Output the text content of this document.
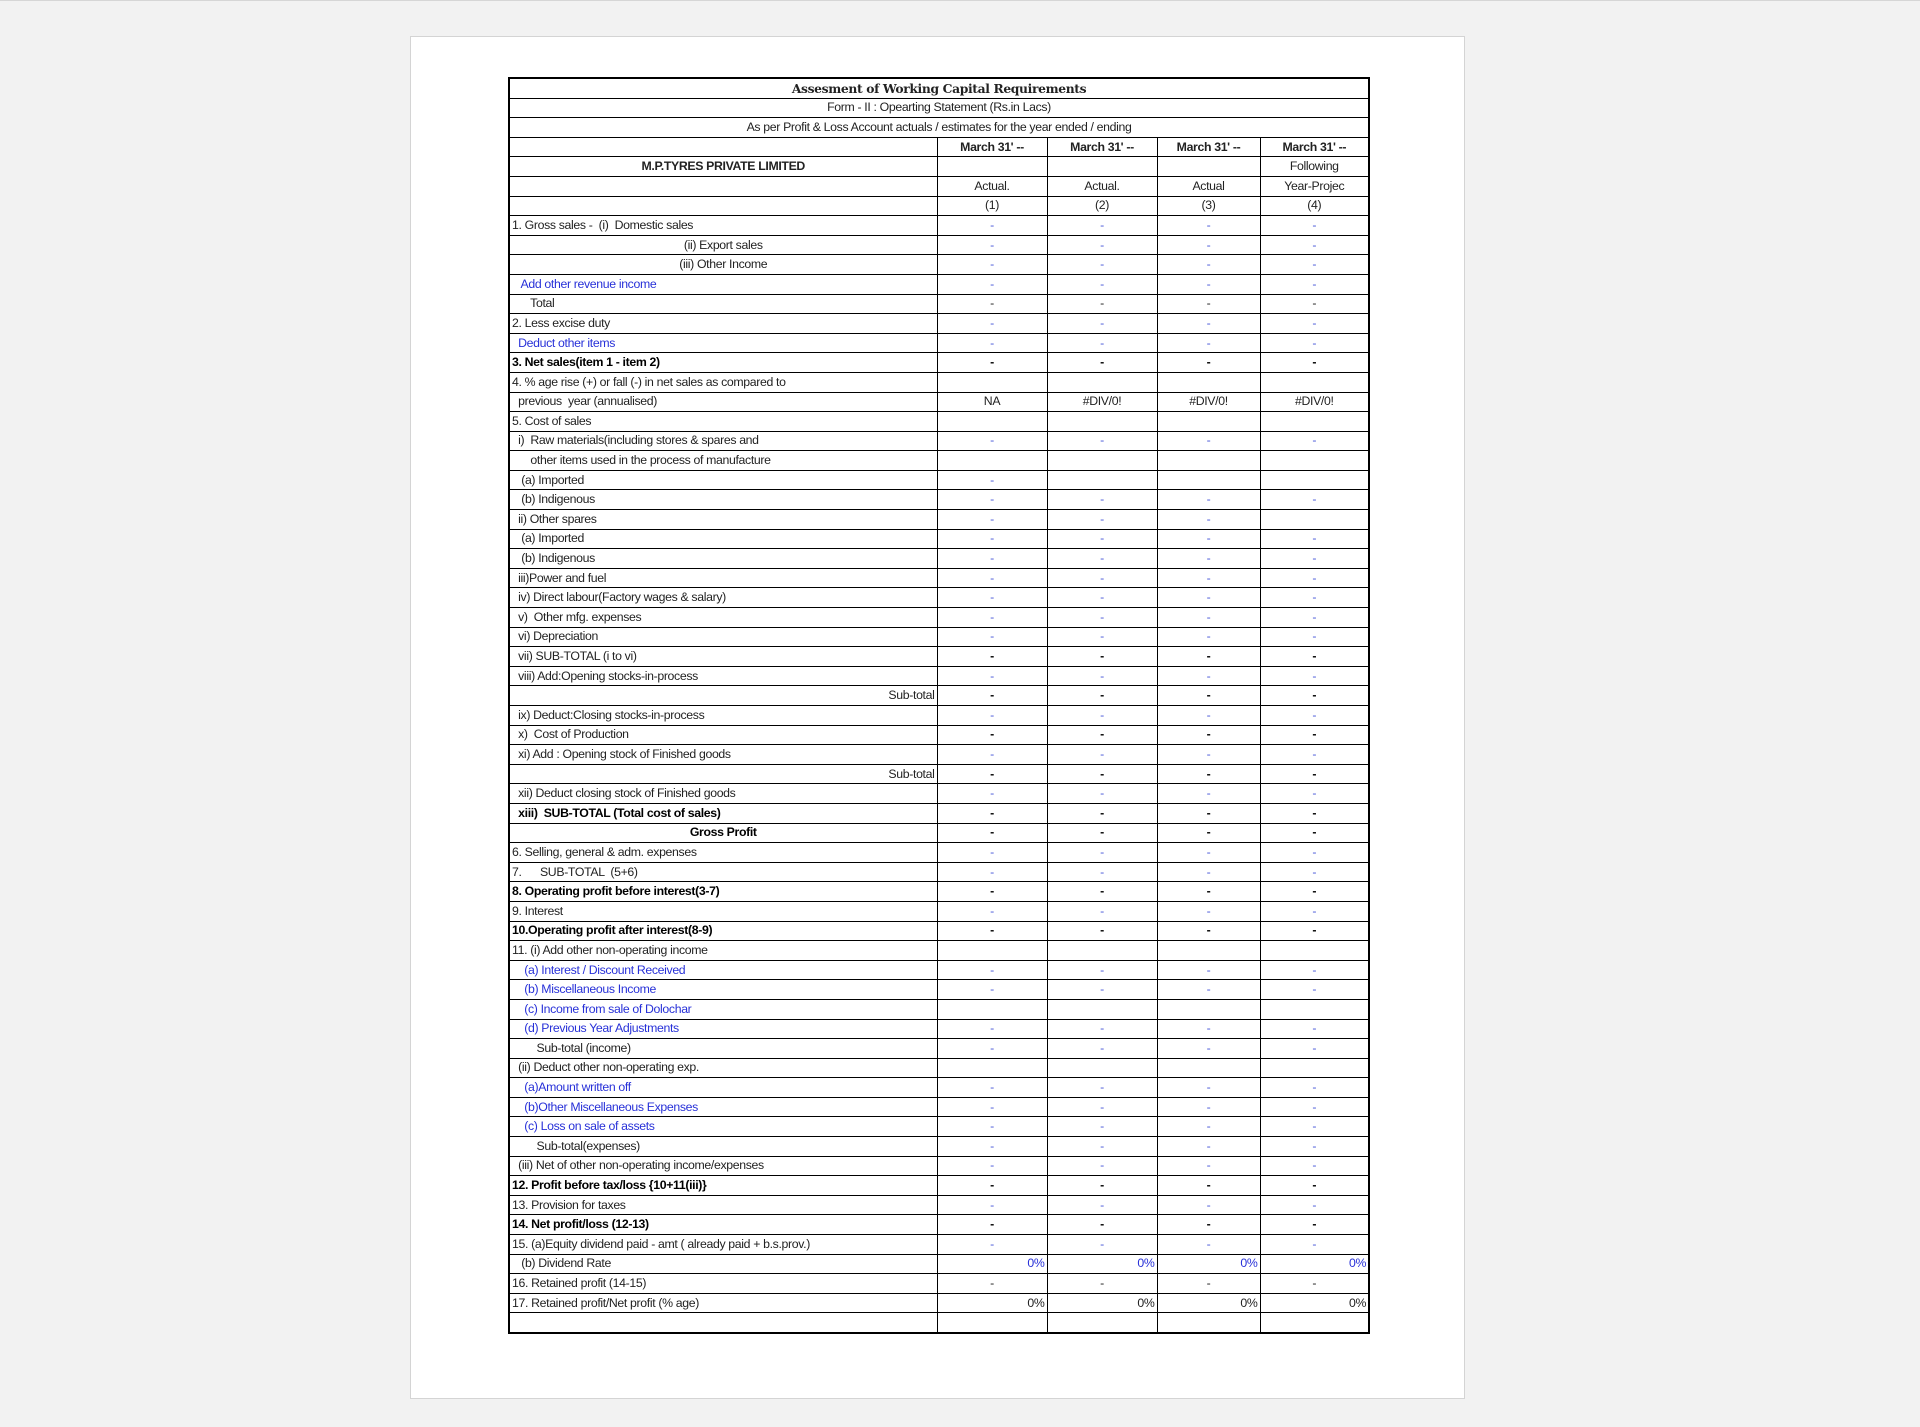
Assesment of Working Capital Requirements				
Form - II : Opearting Statement (Rs.in Lacs)				
As per Profit & Loss Account actuals / estimates for the year ended / ending				
	March 31' --	March 31' --	March 31' --	March 31' --
M.P.TYRES PRIVATE LIMITED				Following
	Actual.	Actual.	Actual	Year-Projec
	(1)	(2)	(3)	(4)
1. Gross sales -  (i)  Domestic sales	-	-	-	-
(ii) Export sales	-	-	-	-
(iii) Other Income	-	-	-	-
Add other revenue income	-	-	-	-
Total	-	-	-	-
2. Less excise duty	-	-	-	-
Deduct other items	-	-	-	-
3. Net sales(item 1 - item 2)	-	-	-	-
4. % age rise (+) or fall (-) in net sales as compared to				
previous  year (annualised)	NA	#DIV/0!	#DIV/0!	#DIV/0!
5. Cost of sales				
i)  Raw materials(including stores & spares and	-	-	-	-
other items used in the process of manufacture				
(a) Imported	-			
(b) Indigenous	-	-	-	-
ii) Other spares	-	-	-	
(a) Imported	-	-	-	-
(b) Indigenous	-	-	-	-
iii)Power and fuel	-	-	-	-
iv) Direct labour(Factory wages & salary)	-	-	-	-
v)  Other mfg. expenses	-	-	-	-
vi) Depreciation	-	-	-	-
vii) SUB-TOTAL (i to vi)	-	-	-	-
viii) Add:Opening stocks-in-process	-	-	-	-
Sub-total	-	-	-	-
ix) Deduct:Closing stocks-in-process	-	-	-	-
x)  Cost of Production	-	-	-	-
xi) Add : Opening stock of Finished goods	-	-	-	-
Sub-total	-	-	-	-
xii) Deduct closing stock of Finished goods	-	-	-	-
xiii)  SUB-TOTAL (Total cost of sales)	-	-	-	-
Gross Profit	-	-	-	-
6. Selling, general & adm. expenses	-	-	-	-
7.      SUB-TOTAL  (5+6)	-	-	-	-
8. Operating profit before interest(3-7)	-	-	-	-
9. Interest	-	-	-	-
10.Operating profit after interest(8-9)	-	-	-	-
11. (i) Add other non-operating income				
(a) Interest / Discount Received	-	-	-	-
(b) Miscellaneous Income	-	-	-	-
(c) Income from sale of Dolochar				
(d) Previous Year Adjustments	-	-	-	-
Sub-total (income)	-	-	-	-
(ii) Deduct other non-operating exp.				
(a)Amount written off	-	-	-	-
(b)Other Miscellaneous Expenses	-	-	-	-
(c) Loss on sale of assets	-	-	-	-
Sub-total(expenses)	-	-	-	-
(iii) Net of other non-operating income/expenses	-	-	-	-
12. Profit before tax/loss {10+11(iii)}	-	-	-	-
13. Provision for taxes	-	-	-	-
14. Net profit/loss (12-13)	-	-	-	-
15. (a)Equity dividend paid - amt ( already paid + b.s.prov.)	-	-	-	-
(b) Dividend Rate	0%	0%	0%	0%
16. Retained profit (14-15)	-	-	-	-
17. Retained profit/Net profit (% age)	0%	0%	0%	0%
